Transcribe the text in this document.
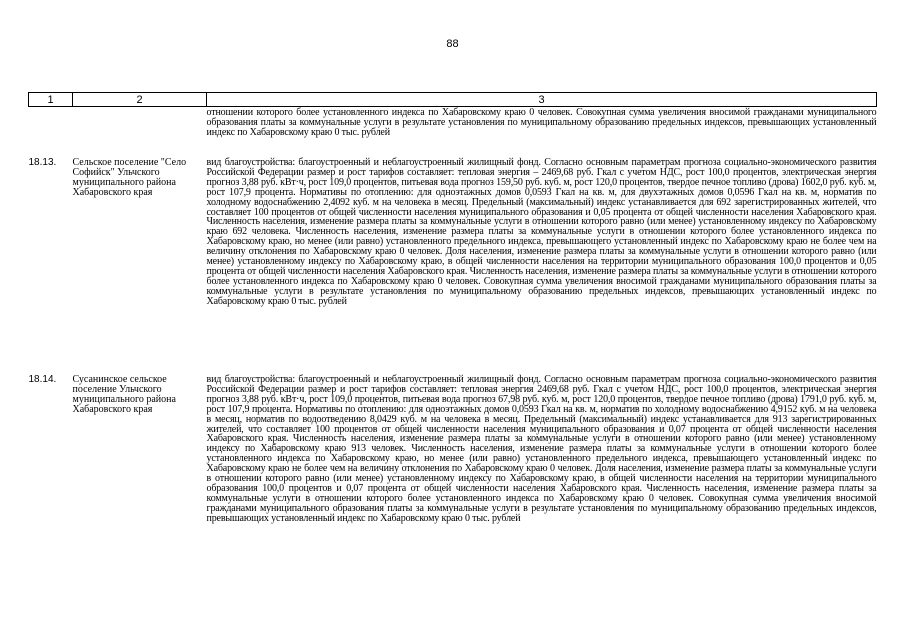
88
1	2	3
		отношении которого более установленного индекса по Хабаровскому краю 0 человек. Совокупная сумма увеличения вносимой гражданами муниципального образования платы за коммунальные услуги в результате установления по муниципальному образованию предельных индексов, превышающих установленный индекс по Хабаровскому краю 0 тыс. рублей
18.13.	Сельское поселение "Село Софийск" Ульчского муниципального района Хабаровского края	вид благоустройства: благоустроенный и неблагоустроенный жилищный фонд. Согласно основным параметрам прогноза социально-экономического развития Российской Федерации размер и рост тарифов составляет: тепловая энергия – 2469,68 руб. Гкал с учетом НДС, рост 100,0 процентов, электрическая энергия прогноз 3,88 руб. кВт·ч, рост 109,0 процентов, питьевая вода прогноз 159,50 руб. куб. м, рост 120,0 процентов, твердое печное топливо (дрова) 1602,0 руб. куб. м, рост 107,9 процента. Нормативы по отоплению: для одноэтажных домов 0,0593 Гкал на кв. м, для двухэтажных домов 0,0596 Гкал на кв. м, норматив по холодному водоснабжению 2,4092 куб. м на человека в месяц. Предельный (максимальный) индекс устанавливается для 692 зарегистрированных жителей, что составляет 100 процентов от общей численности населения муниципального образования и 0,05 процента от общей численности населения Хабаровского края. Численность населения, изменение размера платы за коммунальные услуги в отношении которого равно (или менее) установленному индексу по Хабаровскому краю 692 человека. Численность населения, изменение размера платы за коммунальные услуги в отношении которого более установленного индекса по Хабаровскому краю, но менее (или равно) установленного предельного индекса, превышающего установленный индекс по Хабаровскому краю не более чем на величину отклонения по Хабаровскому краю 0 человек. Доля населения, изменение размера платы за коммунальные услуги в отношении которого равно (или менее) установленному индексу по Хабаровскому краю, в общей численности населения на территории муниципального образования 100,0 процентов и 0,05 процента от общей численности населения Хабаровского края. Численность населения, изменение размера платы за коммунальные услуги в отношении которого более установленного индекса по Хабаровскому краю 0 человек. Совокупная сумма увеличения вносимой гражданами муниципального образования платы за коммунальные услуги в результате установления по муниципальному образованию предельных индексов, превышающих установленный индекс по Хабаровскому краю 0 тыс. рублей
18.14.	Сусанинское сельское поселение Ульчского муниципального района Хабаровского края	вид благоустройства: благоустроенный и неблагоустроенный жилищный фонд. Согласно основным параметрам прогноза социально-экономического развития Российской Федерации размер и рост тарифов составляет: тепловая энергия 2469,68 руб. Гкал с учетом НДС, рост 100,0 процентов, электрическая энергия прогноз 3,88 руб. кВт·ч, рост 109,0 процентов, питьевая вода прогноз 67,98 руб. куб. м, рост 120,0 процентов, твердое печное топливо (дрова) 1791,0 руб. куб. м, рост 107,9 процента. Нормативы по отоплению: для одноэтажных домов 0,0593 Гкал на кв. м, норматив по холодному водоснабжению 4,9152 куб. м на человека в месяц, норматив по водоотведению 8,0429 куб. м на человека в месяц. Предельный (максимальный) индекс устанавливается для 913 зарегистрированных жителей, что составляет 100 процентов от общей численности населения муниципального образования и 0,07 процента от общей численности населения Хабаровского края. Численность населения, изменение размера платы за коммунальные услуги в отношении которого равно (или менее) установленному индексу по Хабаровскому краю 913 человек. Численность населения, изменение размера платы за коммунальные услуги в отношении которого более установленного индекса по Хабаровскому краю, но менее (или равно) установленного предельного индекса, превышающего установленный индекс по Хабаровскому краю не более чем на величину отклонения по Хабаровскому краю 0 человек. Доля населения, изменение размера платы за коммунальные услуги в отношении которого равно (или менее) установленному индексу по Хабаровскому краю, в общей численности населения на территории муниципального образования 100,0 процентов и 0,07 процента от общей численности населения Хабаровского края. Численность населения, изменение размера платы за коммунальные услуги в отношении которого более установленного индекса по Хабаровскому краю 0 человек. Совокупная сумма увеличения вносимой гражданами муниципального образования платы за коммунальные услуги в результате установления по муниципальному образованию предельных индексов, превышающих установленный индекс по Хабаровскому краю 0 тыс. рублей
